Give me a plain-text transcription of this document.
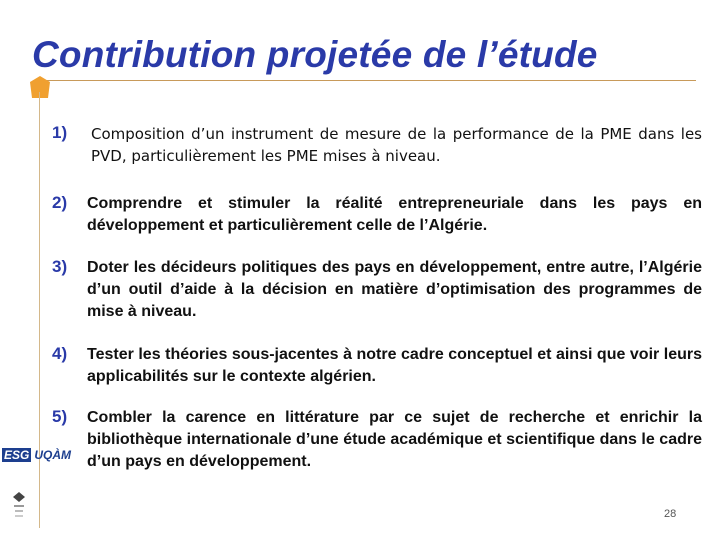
Contribution projetée de l’étude
1) Composition d’un instrument de mesure de la performance de la PME dans les PVD, particulièrement les PME mises à niveau.
2) Comprendre et stimuler la réalité entrepreneuriale dans les pays en développement et particulièrement celle de l’Algérie.
3) Doter les décideurs politiques des pays en développement, entre autre, l’Algérie d’un outil d’aide à la décision en matière d’optimisation des programmes de mise à niveau.
4) Tester les théories sous-jacentes à notre cadre conceptuel et ainsi que voir leurs applicabilités sur le contexte algérien.
5) Combler la carence en littérature par ce sujet de recherche et enrichir la bibliothèque internationale d’une étude académique et scientifique dans le cadre d’un pays en développement.
ESG UQÀM
28
